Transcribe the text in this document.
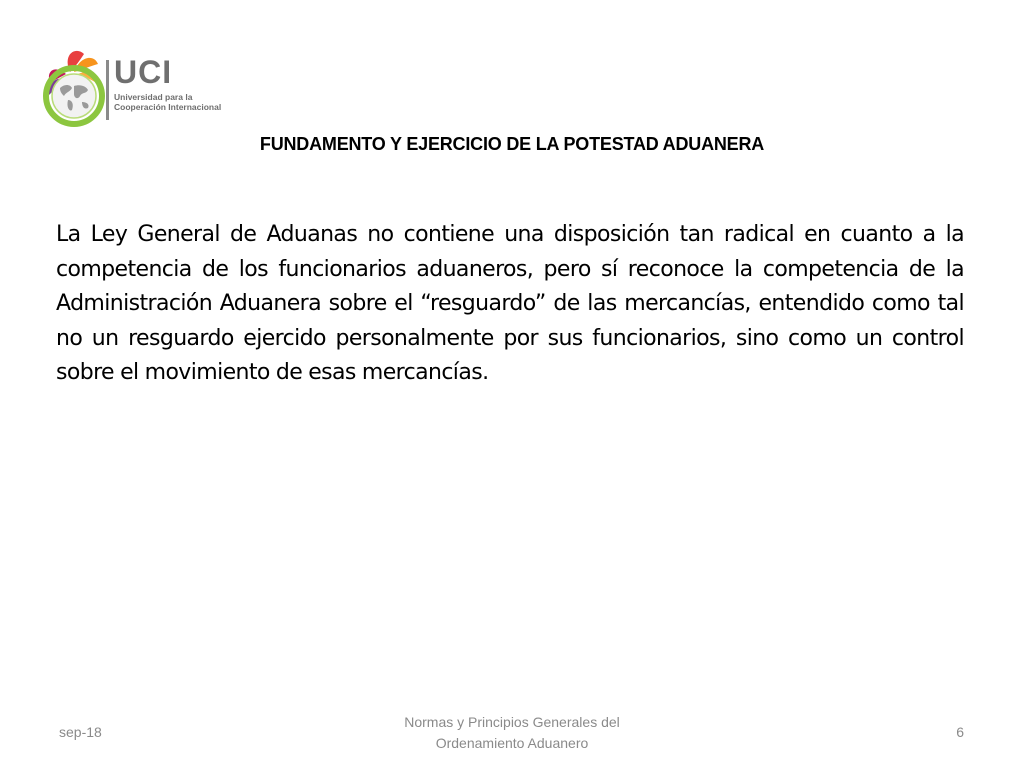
UCI
Universidad para la
Cooperación Internacional
FUNDAMENTO Y EJERCICIO DE LA POTESTAD ADUANERA
La Ley General de Aduanas no contiene una disposición tan radical en cuanto a la competencia de los funcionarios aduaneros, pero sí reconoce la competencia de la Administración Aduanera sobre el “resguardo” de las mercancías, entendido como tal no un resguardo ejercido personalmente por sus funcionarios, sino como un control sobre el movimiento de esas mercancías.
sep-18
Normas y Principios Generales del
Ordenamiento Aduanero
6
